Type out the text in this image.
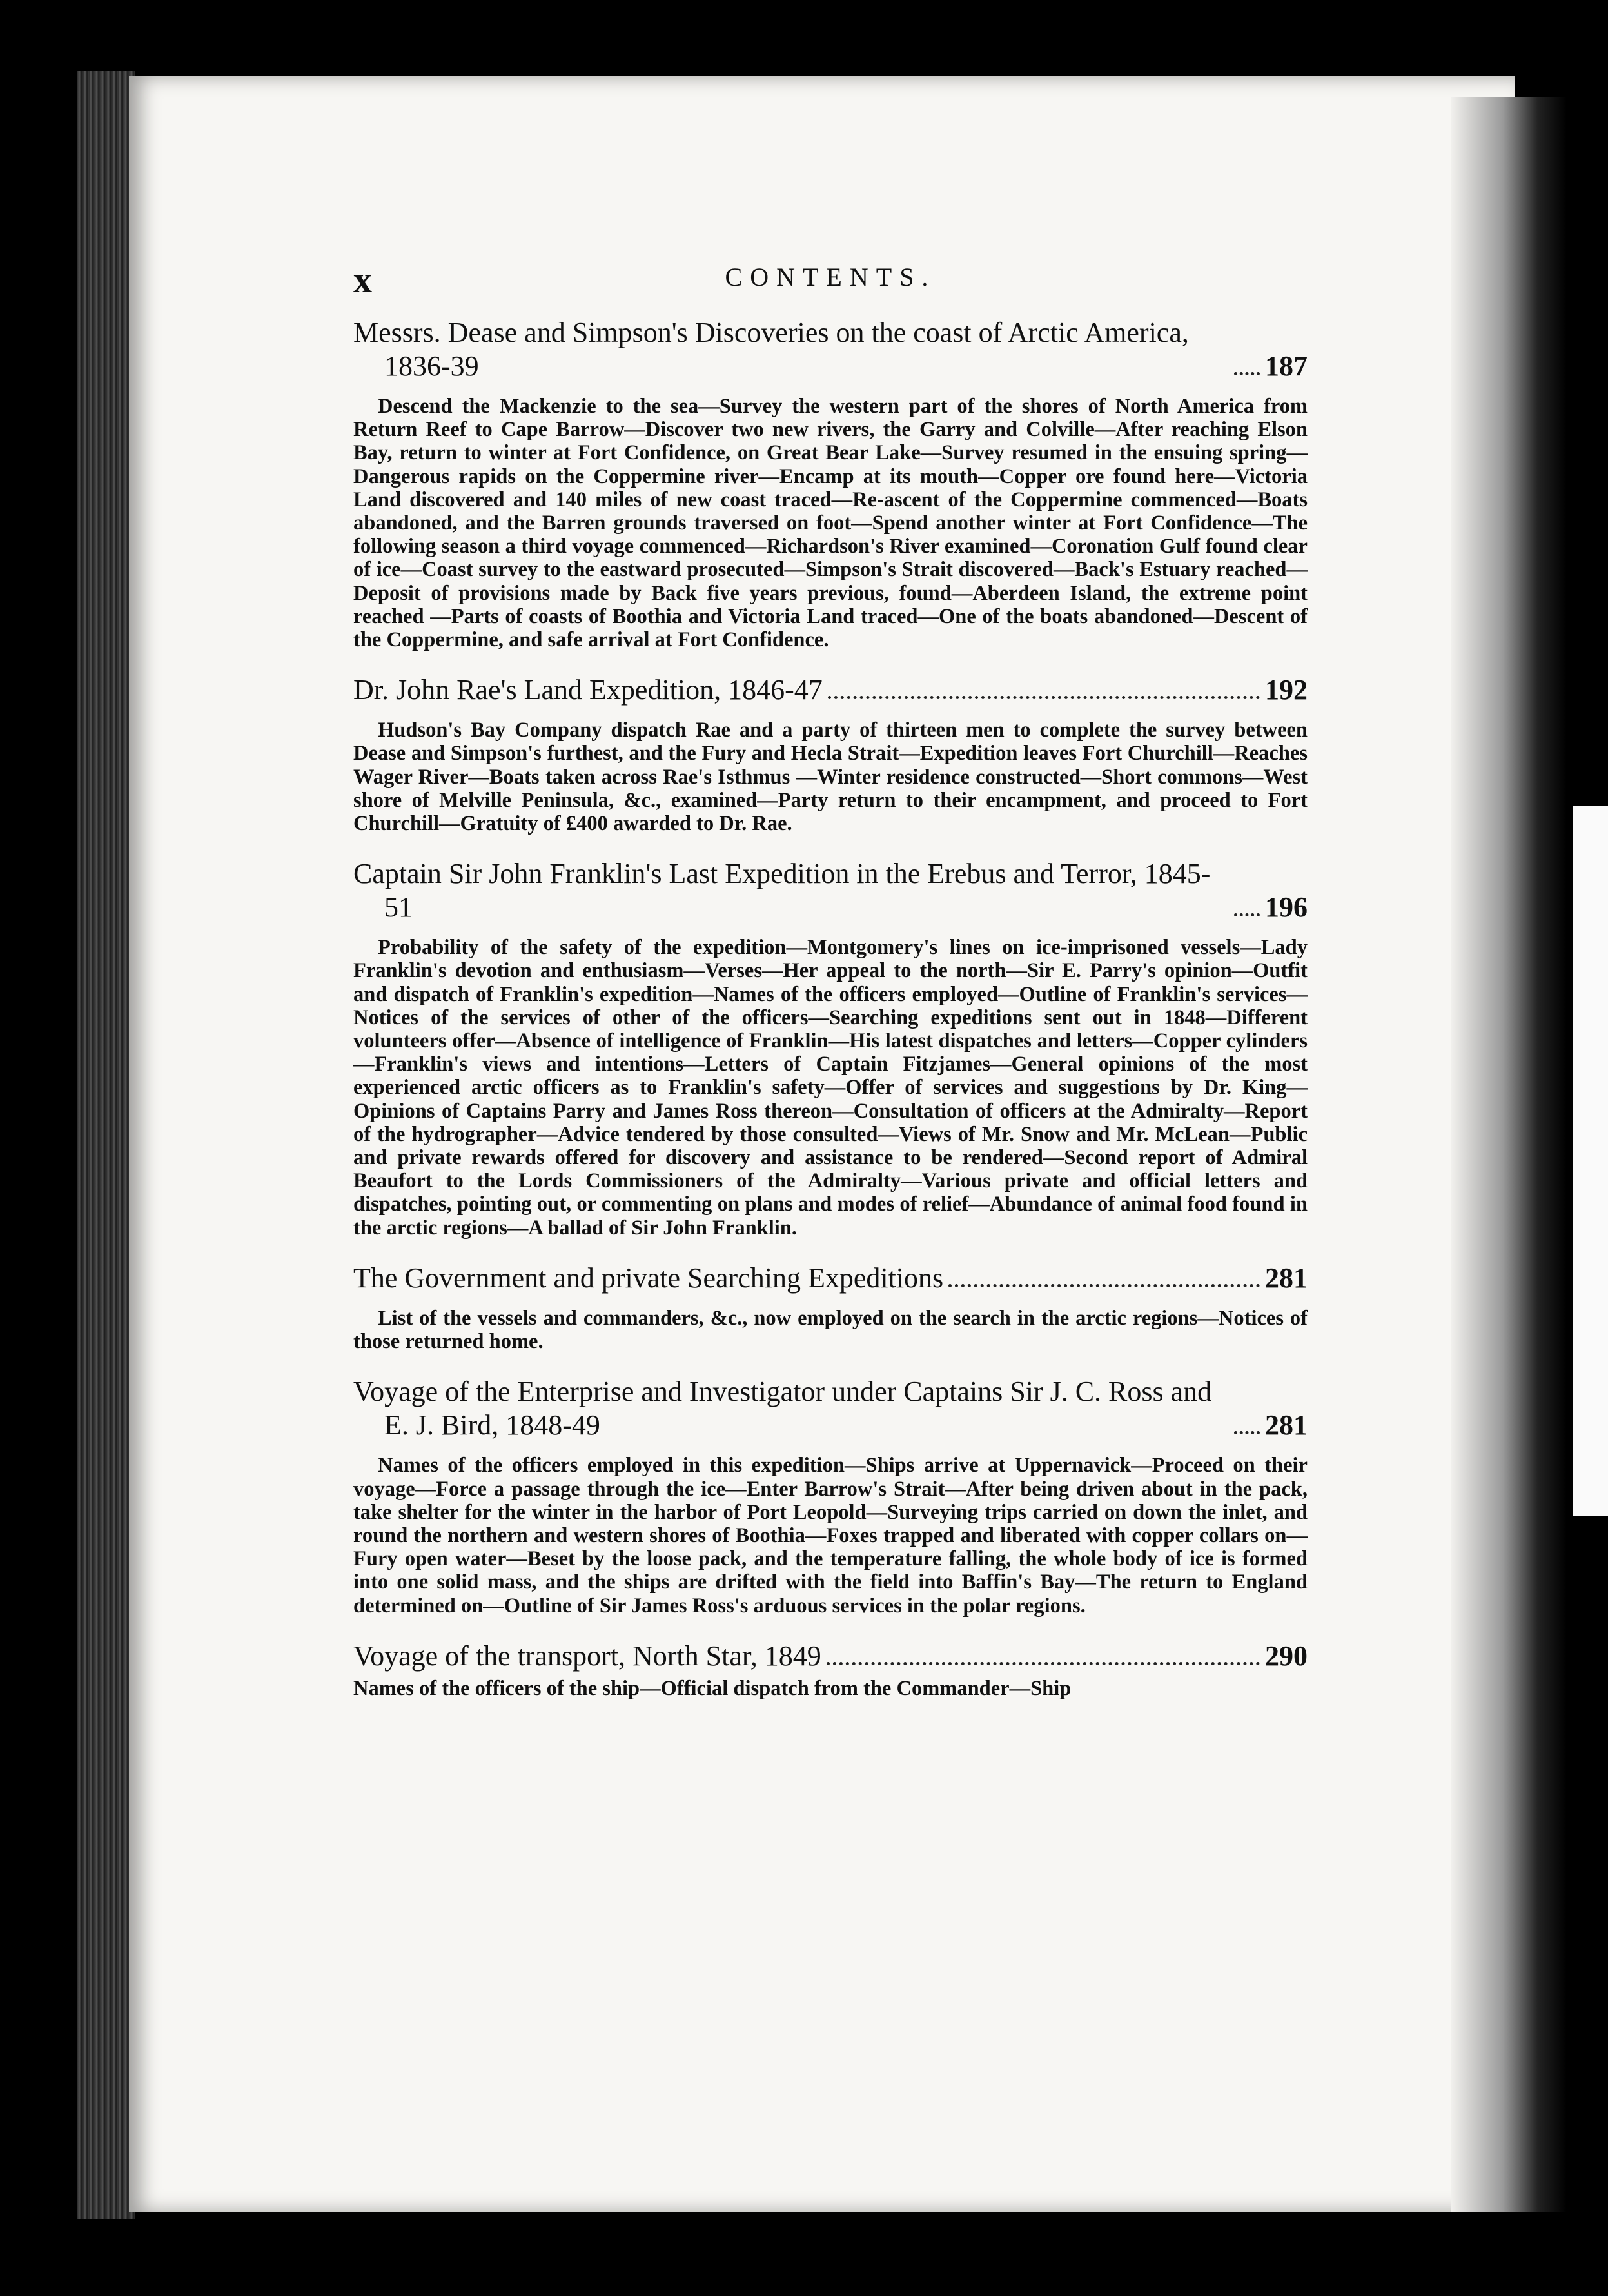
x	CONTENTS.
Messrs. Dease and Simpson's Discoveries on the coast of Arctic America, 1836-39	187
Descend the Mackenzie to the sea—Survey the western part of the shores of North America from Return Reef to Cape Barrow—Discover two new rivers, the Garry and Colville—After reaching Elson Bay, return to winter at Fort Confidence, on Great Bear Lake—Survey resumed in the ensuing spring—Dangerous rapids on the Coppermine river—Encamp at its mouth—Copper ore found here—Victoria Land discovered and 140 miles of new coast traced—Re-ascent of the Coppermine commenced—Boats abandoned, and the Barren grounds traversed on foot—Spend another winter at Fort Confidence—The following season a third voyage commenced—Richardson's River examined—Coronation Gulf found clear of ice—Coast survey to the eastward prosecuted—Simpson's Strait discovered—Back's Estuary reached—Deposit of provisions made by Back five years previous, found—Aberdeen Island, the extreme point reached —Parts of coasts of Boothia and Victoria Land traced—One of the boats abandoned—Descent of the Coppermine, and safe arrival at Fort Confidence.
Dr. John Rae's Land Expedition, 1846-47	192
Hudson's Bay Company dispatch Rae and a party of thirteen men to complete the survey between Dease and Simpson's furthest, and the Fury and Hecla Strait—Expedition leaves Fort Churchill—Reaches Wager River—Boats taken across Rae's Isthmus —Winter residence constructed—Short commons—West shore of Melville Peninsula, &c., examined—Party return to their encampment, and proceed to Fort Churchill—Gratuity of £400 awarded to Dr. Rae.
Captain Sir John Franklin's Last Expedition in the Erebus and Terror, 1845-51	196
Probability of the safety of the expedition—Montgomery's lines on ice-imprisoned vessels—Lady Franklin's devotion and enthusiasm—Verses—Her appeal to the north—Sir E. Parry's opinion—Outfit and dispatch of Franklin's expedition—Names of the officers employed—Outline of Franklin's services—Notices of the services of other of the officers—Searching expeditions sent out in 1848—Different volunteers offer—Absence of intelligence of Franklin—His latest dispatches and letters—Copper cylinders —Franklin's views and intentions—Letters of Captain Fitzjames—General opinions of the most experienced arctic officers as to Franklin's safety—Offer of services and suggestions by Dr. King—Opinions of Captains Parry and James Ross thereon—Consultation of officers at the Admiralty—Report of the hydrographer—Advice tendered by those consulted—Views of Mr. Snow and Mr. McLean—Public and private rewards offered for discovery and assistance to be rendered—Second report of Admiral Beaufort to the Lords Commissioners of the Admiralty—Various private and official letters and dispatches, pointing out, or commenting on plans and modes of relief—Abundance of animal food found in the arctic regions—A ballad of Sir John Franklin.
The Government and private Searching Expeditions	281
List of the vessels and commanders, &c., now employed on the search in the arctic regions—Notices of those returned home.
Voyage of the Enterprise and Investigator under Captains Sir J. C. Ross and E. J. Bird, 1848-49	281
Names of the officers employed in this expedition—Ships arrive at Uppernavick—Proceed on their voyage—Force a passage through the ice—Enter Barrow's Strait—After being driven about in the pack, take shelter for the winter in the harbor of Port Leopold—Surveying trips carried on down the inlet, and round the northern and western shores of Boothia—Foxes trapped and liberated with copper collars on—Fury open water—Beset by the loose pack, and the temperature falling, the whole body of ice is formed into one solid mass, and the ships are drifted with the field into Baffin's Bay—The return to England determined on—Outline of Sir James Ross's arduous services in the polar regions.
Voyage of the transport, North Star, 1849	290
Names of the officers of the ship—Official dispatch from the Commander—Ship
